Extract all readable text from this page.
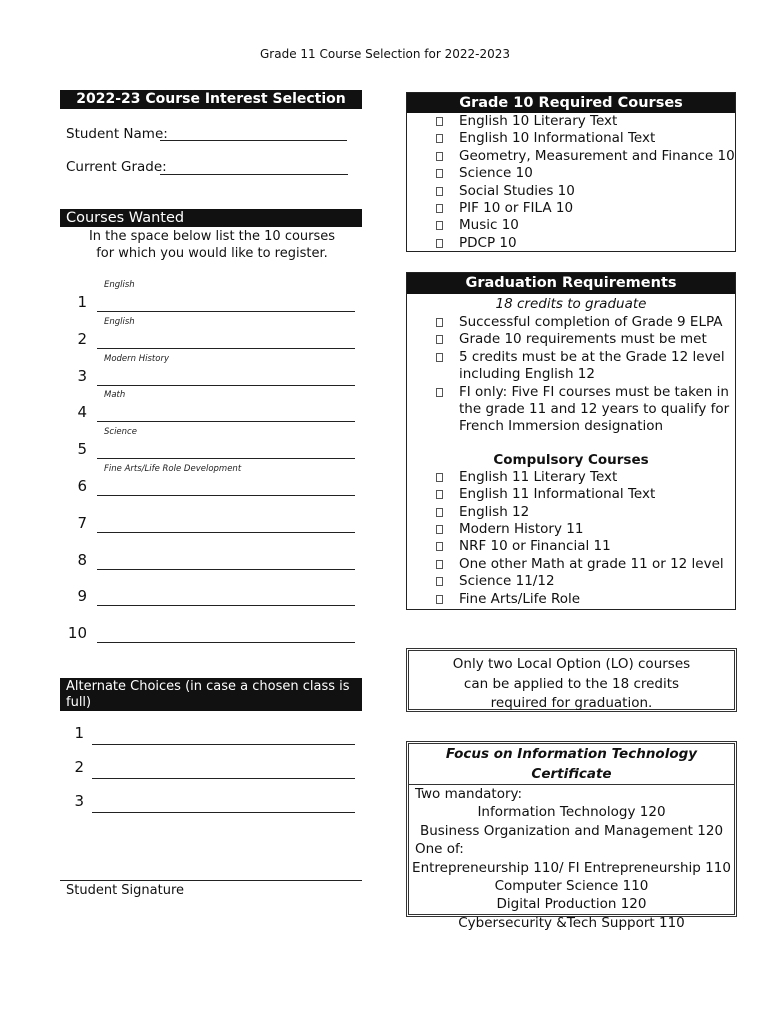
Grade 11 Course Selection for 2022-2023
2022-23 Course Interest Selection
Student Name:
Current Grade:
Courses Wanted
In the space below list the 10 courses for which you would like to register.
English
1
English
2
Modern History
3
Math
4
Science
5
Fine Arts/Life Role Development
6
7
8
9
10
Alternate Choices (in case a chosen class is full)
1
2
3
Student Signature
Grade 10 Required Courses
English 10 Literary Text
English 10 Informational Text
Geometry, Measurement and Finance 10
Science 10
Social Studies 10
PIF 10 or FILA 10
Music 10
PDCP 10
Graduation Requirements
18 credits to graduate
Successful completion of Grade 9 ELPA
Grade 10 requirements must be met
5 credits must be at the Grade 12 level including English 12
FI only: Five FI courses must be taken in the grade 11 and 12 years to qualify for French Immersion designation
Compulsory Courses
English 11 Literary Text
English 11 Informational Text
English 12
Modern History 11
NRF 10 or Financial 11
One other Math at grade 11 or 12 level
Science 11/12
Fine Arts/Life Role
Only two Local Option (LO) courses can be applied to the 18 credits required for graduation.
Focus on Information Technology Certificate
Two mandatory:
Information Technology 120
Business Organization and Management 120
One of:
Entrepreneurship 110/ FI Entrepreneurship 110
Computer Science 110
Digital Production 120
Cybersecurity &Tech Support 110
